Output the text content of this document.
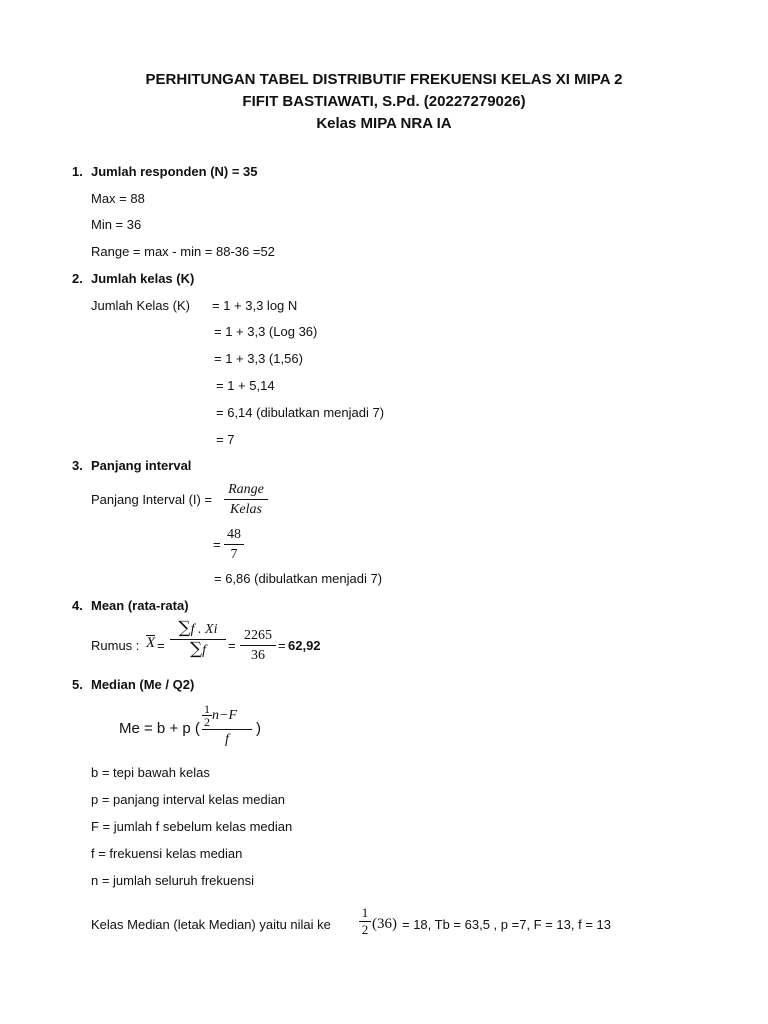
PERHITUNGAN TABEL DISTRIBUTIF FREKUENSI KELAS XI MIPA 2
FIFIT BASTIAWATI, S.Pd. (20227279026)
Kelas MIPA NRA IA
1. Jumlah responden (N) = 35
Max = 88
Min = 36
Range = max - min = 88-36 =52
2. Jumlah kelas (K)
Jumlah Kelas (K) = 1 + 3,3 log N
= 1 + 3,3 (Log 36)
= 1 + 3,3 (1,56)
= 1 + 5,14
= 6,14 (dibulatkan menjadi 7)
= 7
3. Panjang interval
Panjang Interval (I) =
Range
Kelas
=
48
7
= 6,86 (dibulatkan menjadi 7)
4. Mean (rata-rata)
Rumus : X =
∑f . Xi
∑f	=
2265
36
= 62,92
5. Median (Me / Q2)
Me = b + p (
$\frac{1}{2} n-F$
f
)
b = tepi bawah kelas
p = panjang interval kelas median
F = jumlah f sebelum kelas median
f = frekuensi kelas median
n = jumlah seluruh frekuensi
Kelas Median (letak Median) yaitu nilai ke
1
2 (36) = 18, Tb = 63,5 , p =7, F = 13, f = 13
